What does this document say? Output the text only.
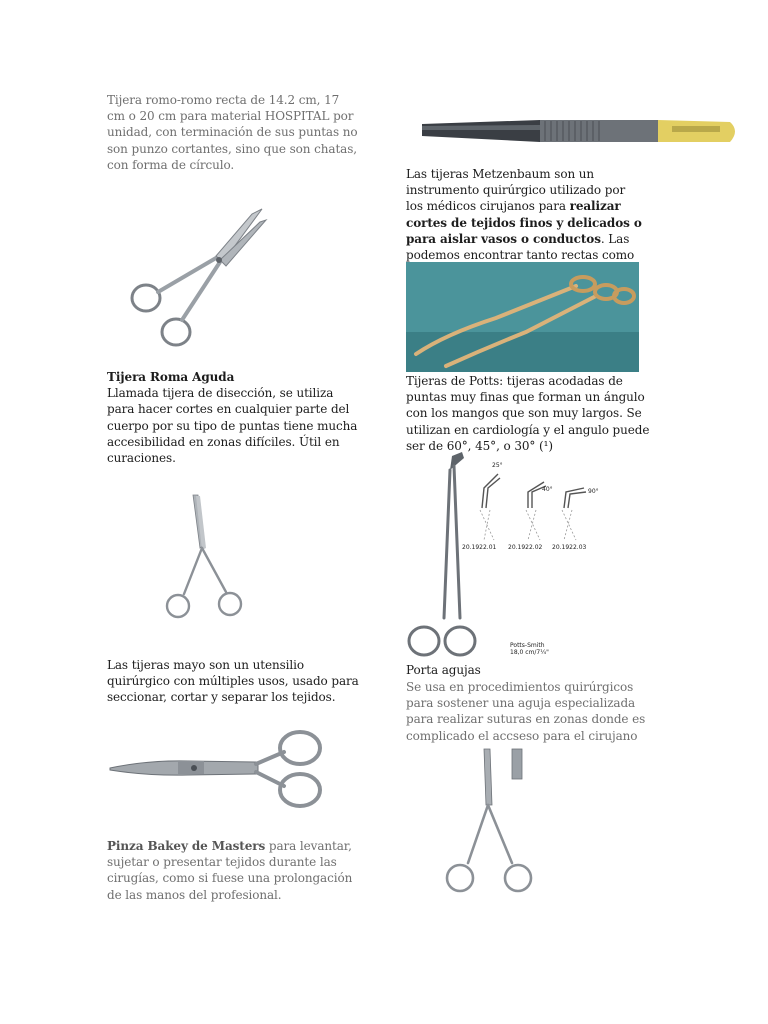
Tijera romo-romo recta de 14.2 cm, 17 cm o 20 cm para material HOSPITAL por unidad, con terminación de sus puntas no son punzo cortantes, sino que son chatas, con forma de círculo.
Tijera Roma Aguda
Llamada tijera de disección, se utiliza para hacer cortes en cualquier parte del cuerpo por su tipo de puntas tiene mucha accesibilidad en zonas difíciles. Útil en curaciones.
Las tijeras mayo son un utensilio quirúrgico con múltiples usos, usado para seccionar, cortar y separar los tejidos.
Pinza Bakey de Masters para levantar, sujetar o presentar tejidos durante las cirugías, como si fuese una prolongación de las manos del profesional.
Las tijeras Metzenbaum son un instrumento quirúrgico utilizado por los médicos cirujanos para realizar cortes de tejidos finos y delicados o para aislar vasos o conductos. Las podemos encontrar tanto rectas como
Tijeras de Potts: tijeras acodadas de puntas muy finas que forman un ángulo con los mangos que son muy largos. Se utilizan en cardiología y el angulo puede ser de 60°, 45°, o 30° (¹)
Porta agujas
Se usa en procedimientos quirúrgicos para sostener una aguja especializada para realizar suturas en zonas donde es complicado el accseso para el cirujano
25°
40°	90°
20.1922.01 20.1922.02 20.1922.03
Potts-Smith
18,0 cm/7¼"
